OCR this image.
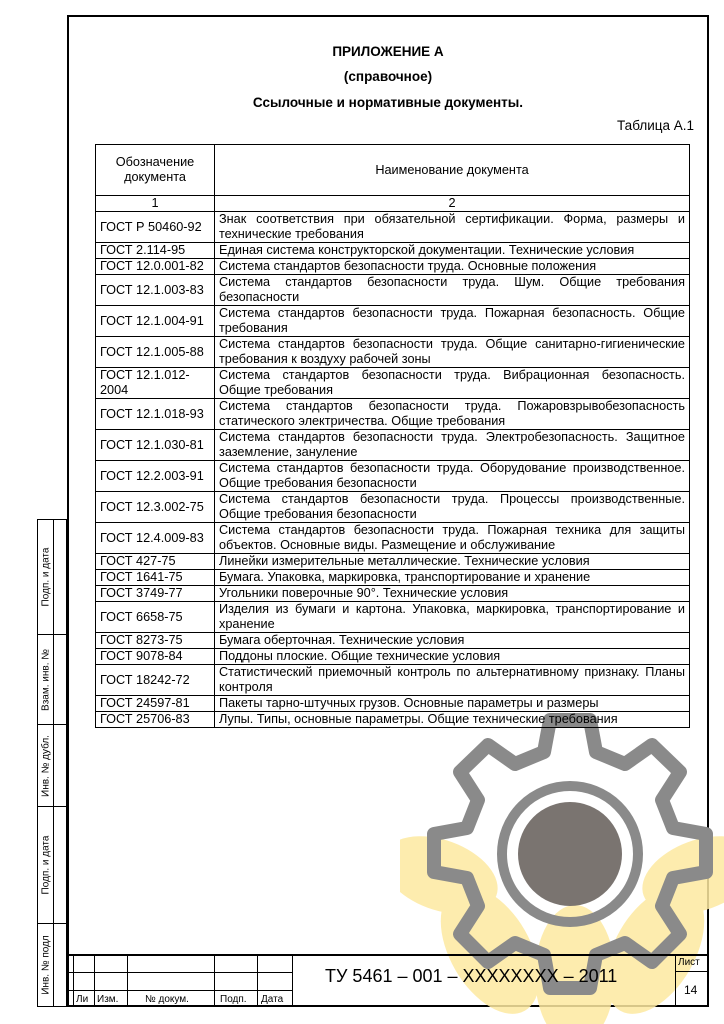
ПРИЛОЖЕНИЕ А
(справочное)
Ссылочные и нормативные документы.
Таблица А.1
Обозначение документа	Наименование документа
1	2
ГОСТ Р 50460-92	Знак соответствия при обязательной сертификации. Форма, размеры и технические требования
ГОСТ 2.114-95	Единая система конструкторской документации. Технические условия
ГОСТ 12.0.001-82	Система стандартов безопасности труда. Основные положения
ГОСТ 12.1.003-83	Система стандартов безопасности труда. Шум. Общие требования безопасности
ГОСТ 12.1.004-91	Система стандартов безопасности труда. Пожарная безопасность. Общие требования
ГОСТ 12.1.005-88	Система стандартов безопасности труда. Общие санитарно-гигиенические требования к воздуху рабочей зоны
ГОСТ 12.1.012-2004	Система стандартов безопасности труда. Вибрационная безопасность. Общие требования
ГОСТ 12.1.018-93	Система стандартов безопасности труда. Пожаровзрывобезопасность статического электричества. Общие требования
ГОСТ 12.1.030-81	Система стандартов безопасности труда. Электробезопасность. Защитное заземление, зануление
ГОСТ 12.2.003-91	Система стандартов безопасности труда. Оборудование производственное. Общие требования безопасности
ГОСТ 12.3.002-75	Система стандартов безопасности труда. Процессы производственные. Общие требования безопасности
ГОСТ 12.4.009-83	Система стандартов безопасности труда. Пожарная техника для защиты объектов. Основные виды. Размещение и обслуживание
ГОСТ 427-75	Линейки измерительные металлические. Технические условия
ГОСТ 1641-75	Бумага. Упаковка, маркировка, транспортирование и хранение
ГОСТ 3749-77	Угольники поверочные 90°. Технические условия
ГОСТ 6658-75	Изделия из бумаги и картона. Упаковка, маркировка, транспортирование и хранение
ГОСТ 8273-75	Бумага оберточная. Технические условия
ГОСТ 9078-84	Поддоны плоские. Общие технические условия
ГОСТ 18242-72	Статистический приемочный контроль по альтернативному признаку. Планы контроля
ГОСТ 24597-81	Пакеты тарно-штучных грузов. Основные параметры и размеры
ГОСТ 25706-83	Лупы. Типы, основные параметры. Общие технические требования
Подп. и дата
Взам. инв. №
Инв. № дубл.
Подп. и дата
Инв. № подл
Ли Изм.	№ докум.	Подп. Дата
ТУ 5461 – 001 – ХХХХХХХХ – 2011
Лист
14
